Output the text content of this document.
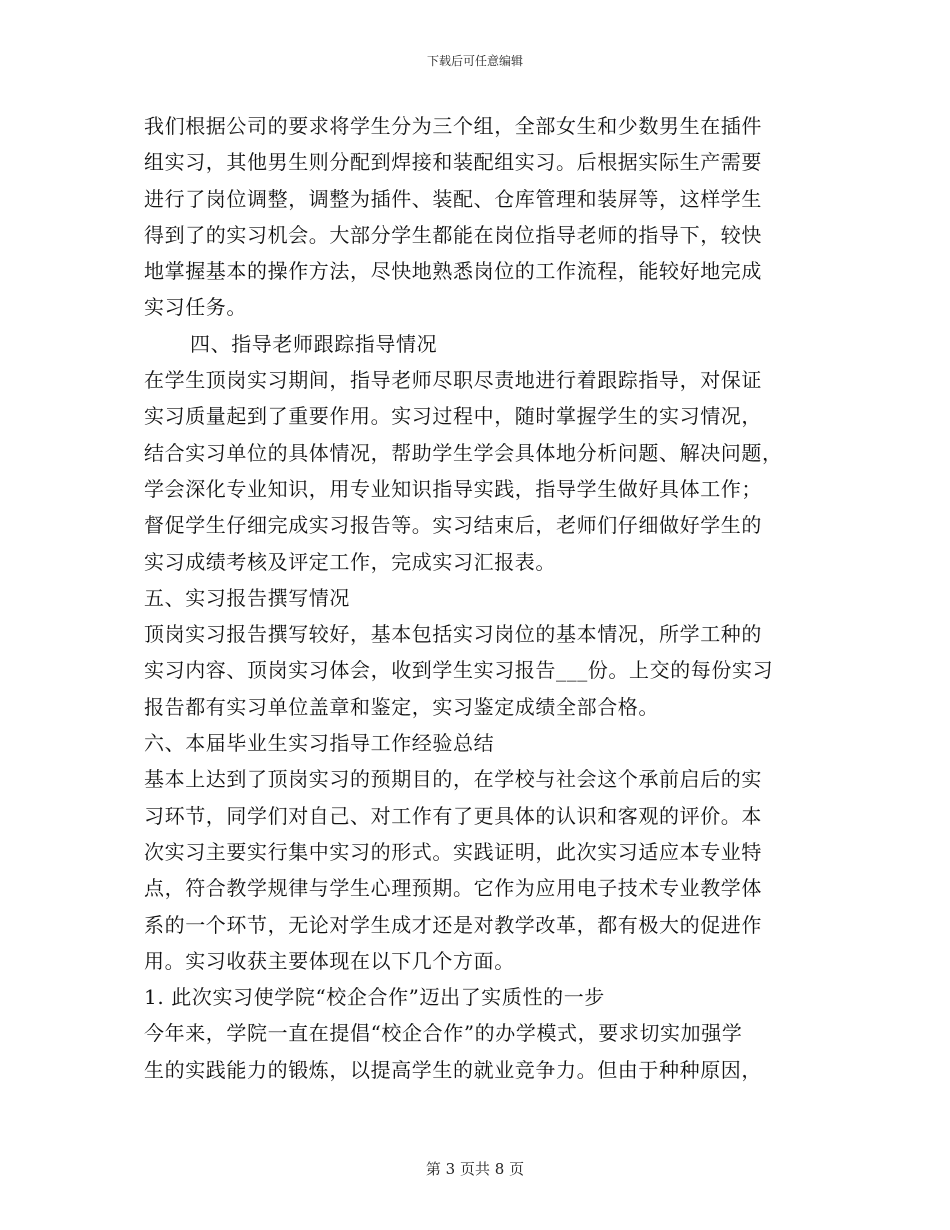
下载后可任意编辑
我们根据公司的要求将学生分为三个组，全部女生和少数男生在插件
组实习，其他男生则分配到焊接和装配组实习。后根据实际生产需要
进行了岗位调整，调整为插件、装配、仓库管理和装屏等，这样学生
得到了的实习机会。大部分学生都能在岗位指导老师的指导下，较快
地掌握基本的操作方法，尽快地熟悉岗位的工作流程，能较好地完成
实习任务。
四、指导老师跟踪指导情况
在学生顶岗实习期间，指导老师尽职尽责地进行着跟踪指导，对保证
实习质量起到了重要作用。实习过程中，随时掌握学生的实习情况，
结合实习单位的具体情况，帮助学生学会具体地分析问题、解决问题，
学会深化专业知识，用专业知识指导实践，指导学生做好具体工作；
督促学生仔细完成实习报告等。实习结束后，老师们仔细做好学生的
实习成绩考核及评定工作，完成实习汇报表。
五、实习报告撰写情况
顶岗实习报告撰写较好，基本包括实习岗位的基本情况，所学工种的
实习内容、顶岗实习体会，收到学生实习报告___份。上交的每份实习
报告都有实习单位盖章和鉴定，实习鉴定成绩全部合格。
六、本届毕业生实习指导工作经验总结
基本上达到了顶岗实习的预期目的，在学校与社会这个承前启后的实
习环节，同学们对自己、对工作有了更具体的认识和客观的评价。本
次实习主要实行集中实习的形式。实践证明，此次实习适应本专业特
点，符合教学规律与学生心理预期。它作为应用电子技术专业教学体
系的一个环节，无论对学生成才还是对教学改革，都有极大的促进作
用。实习收获主要体现在以下几个方面。
1. 此次实习使学院“校企合作”迈出了实质性的一步
今年来，学院一直在提倡“校企合作”的办学模式，要求切实加强学
生的实践能力的锻炼，以提高学生的就业竞争力。但由于种种原因，
第 3 页共 8 页
